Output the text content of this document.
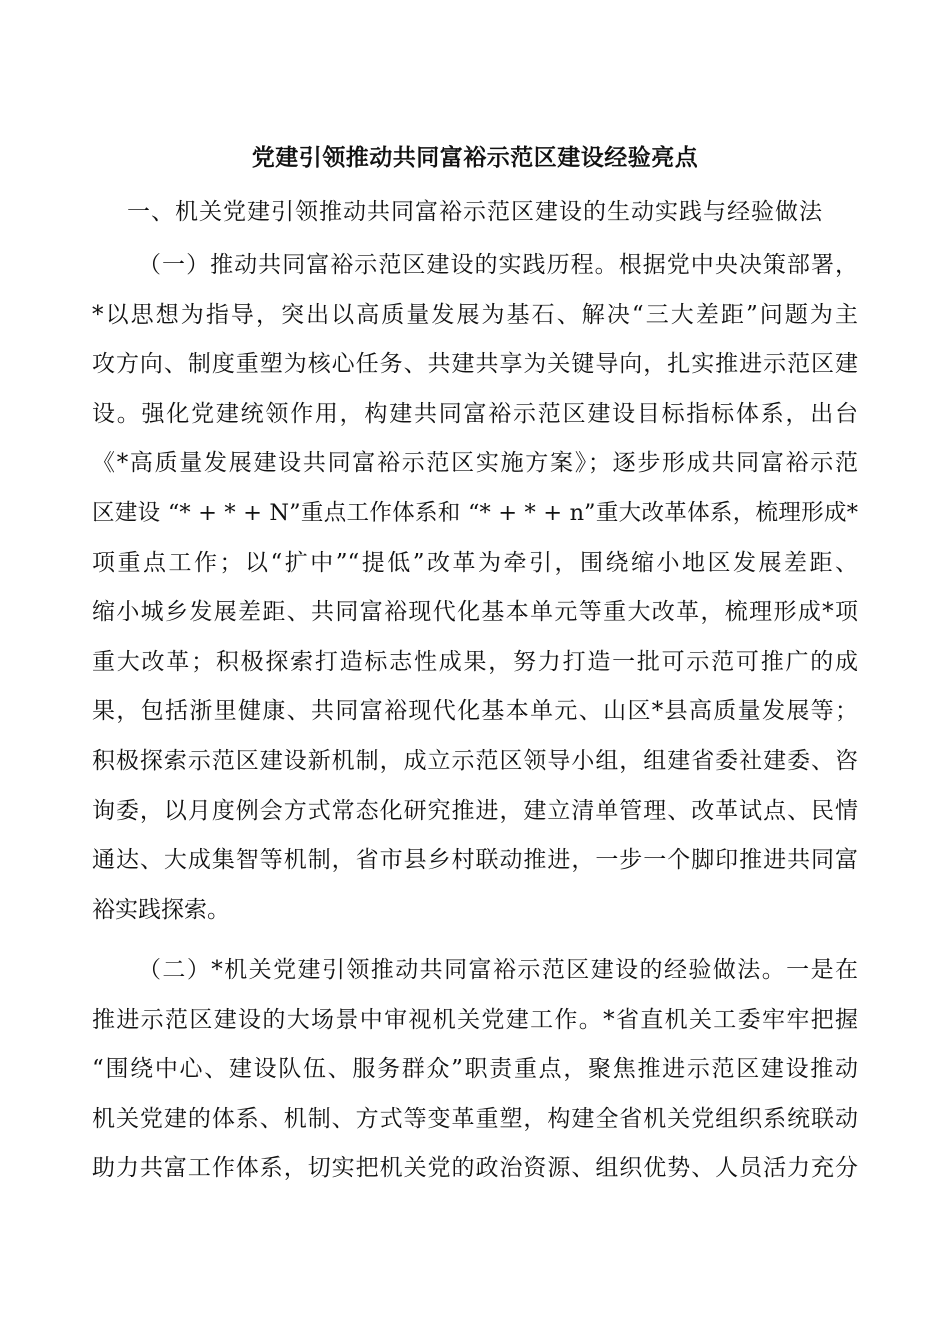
党建引领推动共同富裕示范区建设经验亮点
一、机关党建引领推动共同富裕示范区建设的生动实践与经验做法
（一）推动共同富裕示范区建设的实践历程。根据党中央决策部署，
*以思想为指导，突出以高质量发展为基石、解决“三大差距”问题为主
攻方向、制度重塑为核心任务、共建共享为关键导向，扎实推进示范区建
设。强化党建统领作用，构建共同富裕示范区建设目标指标体系，出台
《*高质量发展建设共同富裕示范区实施方案》；逐步形成共同富裕示范
区建设 “* + * + N”重点工作体系和 “* + * + n”重大改革体系，梳理形成*
项重点工作；以“扩中”“提低”改革为牵引，围绕缩小地区发展差距、
缩小城乡发展差距、共同富裕现代化基本单元等重大改革，梳理形成*项
重大改革；积极探索打造标志性成果，努力打造一批可示范可推广的成
果，包括浙里健康、共同富裕现代化基本单元、山区*县高质量发展等；
积极探索示范区建设新机制，成立示范区领导小组，组建省委社建委、咨
询委，以月度例会方式常态化研究推进，建立清单管理、改革试点、民情
通达、大成集智等机制，省市县乡村联动推进，一步一个脚印推进共同富
裕实践探索。
（二）*机关党建引领推动共同富裕示范区建设的经验做法。一是在
推进示范区建设的大场景中审视机关党建工作。*省直机关工委牢牢把握
“围绕中心、建设队伍、服务群众”职责重点，聚焦推进示范区建设推动
机关党建的体系、机制、方式等变革重塑，构建全省机关党组织系统联动
助力共富工作体系，切实把机关党的政治资源、组织优势、人员活力充分
